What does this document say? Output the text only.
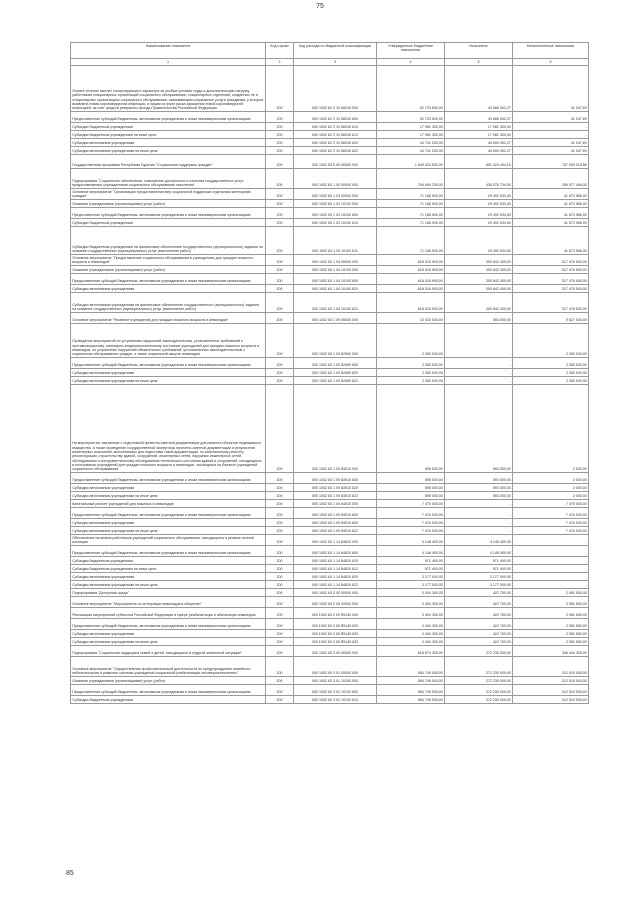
75
Наименование показателя	Код строки	Код расхода по бюджетной классификации	Утвержденные бюджетные назначения	Исполнено	Неисполненные назначения
1	2	3	4	5	6
Оплата течение выплат стимулирующего характера за особые условия труда и дополнительную нагрузку работникам стационарных организаций социального обслуживания, стационарных отделений, созданных не в стационарных организациях социального обслуживания, оказывающим социальные услуги гражданам, у которых выявлена новая коронавирусная инфекция, и лицам из групп риска заражения новой коронавирусной инфекцией, за счет средств резервного фонда Правительства Российской Федерации	200	000 1002 62 2 10 58240 000	92 723 500,00	43 666 062,27	41 047,69
Предоставление субсидий бюджетным, автономным учреждениям и иным некоммерческим организациям	200	000 1002 62 2 10 58240 600	92 723 500,00	43 666 062,27	41 047,69
Субсидии бюджетным учреждениям	200	000 1002 62 2 10 58240 610	17 981 300,00	17 981 300,00	-
Субсидии бюджетным учреждениям на иные цели	200	000 1002 62 2 10 58240 612	17 981 300,00	17 981 300,00	-
Субсидии автономным учреждениям	200	000 1002 62 2 10 58240 620	44 741 200,00	44 699 352,27	41 047,69
Субсидии автономным учреждениям на иные цели	200	000 1002 62 2 10 58240 622	44 741 200,00	44 699 352,27	41 047,69
Государственная программа Республики Бурятия "Социальная поддержка граждан"	200	000 1002 63 0 00 00000 000	1 649 324 500,00	891 324 494,15	757 993 015,85
Подпрограмма "Социальное обеспечение, повышение доступности и качества государственных услуг, предоставляемых учреждениями социального обслуживания населения"	200	000 1002 63 1 00 00000 000	794 694 200,00	435 076 734,00	359 977 466,00
Основное мероприятие "Организация предоставления мер социальной поддержки отдельным категориям граждан"	200	000 1002 63 1 03 00000 000	71 166 900,00	29 492 934,00	41 673 966,00
Оказание учреждениями (организациями) услуг (работ)	200	000 1002 63 1 03 10100 000	71 166 900,00	29 492 934,00	41 673 966,00
Предоставление субсидий бюджетным, автономным учреждениям и иным некоммерческим организациям	200	000 1002 63 1 03 10100 600	71 166 900,00	29 492 934,00	41 673 966,00
Субсидии бюджетным учреждениям	200	000 1002 63 1 03 10100 610	71 166 900,00	29 492 934,00	41 673 966,00
Субсидии бюджетным учреждениям на финансовое обеспечение государственного (муниципального) задания на оказание государственных (муниципальных) услуг (выполнение работ)	200	000 1002 63 1 03 10100 611	71 166 900,00	29 492 934,00	41 673 966,00
Основное мероприятие "Предоставление социального обслуживания в учреждениях для граждан пожилого возраста и инвалидов"	200	000 1002 63 1 04 00000 000	618 316 900,00	300 842 400,00	317 476 500,00
Оказание учреждениями (организациями) услуг (работ)	200	000 1002 63 1 04 10100 000	618 316 900,00	300 842 400,00	317 476 500,00
Предоставление субсидий бюджетным, автономным учреждениям и иным некоммерческим организациям	200	000 1002 63 1 04 10100 600	618 316 900,00	300 842 400,00	317 476 500,00
Субсидии автономным учреждениям	200	000 1002 63 1 04 10100 620	618 316 900,00	300 842 400,00	317 476 500,00
Субсидии автономным учреждениям на финансовое обеспечение государственного (муниципального) задания на оказание государственных (муниципальных) услуг (выполнение работ)	200	000 1002 63 1 04 10100 621	618 316 900,00	300 842 400,00	317 476 500,00
Основное мероприятие "Развитие учреждений для граждан пожилого возраста и инвалидов"	200	000 1002 63 1 09 00000 000	10 420 000,00	593 000,00	9 827 000,00
Проведение мероприятий по устранению нарушений законодательства, установленных требований к противопожарному, санитарно-эпидемиологическому состоянию учреждений для граждан пожилого возраста и инвалидов, по устранению нарушений обязательных требований, установленных законодательством о социальном обслуживании граждан, а также социальной защите инвалидов	200	000 1002 63 1 09 82690 000	2 350 000,00	-	2 350 000,00
Предоставление субсидий бюджетным, автономным учреждениям и иным некоммерческим организациям	200	000 1002 63 1 09 82690 600	2 350 000,00	-	2 350 000,00
Субсидии автономным учреждениям	200	000 1002 63 1 09 82690 620	2 350 000,00	-	2 350 000,00
Субсидии автономным учреждениям на иные цели	200	000 1002 63 1 09 82690 622	2 350 000,00	-	2 350 000,00
На мероприятия, связанные с подготовкой проектно-сметной документации для ремонта объектов недвижимого имущества, а также проведение государственной экспертизы проектно-сметной документации и результатов инженерных изысканий, выполняемых для подготовки такой документации, по капитальному ремонту, реконструкции, строительству зданий, сооружений, инженерных сетей, наружных инженерных сетей, обследованию и инструментальному обследованию технического состояния зданий и сооружений, находящихся в пользовании учреждений для граждан пожилого возраста и инвалидов, числящихся на балансе учреждений социального обслуживания	200	000 1002 63 1 09 83010 000	595 000,00	593 000,00	2 000,00
Предоставление субсидий бюджетным, автономным учреждениям и иным некоммерческим организациям	200	000 1002 63 1 09 83010 600	595 000,00	593 000,00	2 000,00
Субсидии автономным учреждениям	200	000 1002 63 1 09 83010 620	595 000,00	593 000,00	2 000,00
Субсидии автономным учреждениям на иные цели	200	000 1002 63 1 09 83010 622	595 000,00	593 000,00	2 000,00
Капитальный ремонт учреждений для пожилых и инвалидов	200	000 1002 63 1 09 84010 000	7 475 000,00	-	7 475 000,00
Предоставление субсидий бюджетным, автономным учреждениям и иным некоммерческим организациям	200	000 1002 63 1 09 84010 600	7 475 000,00	-	7 475 000,00
Субсидии автономным учреждениям	200	000 1002 63 1 09 84010 620	7 475 000,00	-	7 475 000,00
Субсидии автономным учреждениям на иные цели	200	000 1002 63 1 09 84010 622	7 475 000,00	-	7 475 000,00
Обеспечение питанием работников учреждений социального обслуживания, находящихся в режиме полной изоляции	200	000 1002 63 1 14 84620 000	4 148 400,00	4 148 400,00	-
Предоставление субсидий бюджетным, автономным учреждениям и иным некоммерческим организациям	200	000 1002 63 1 14 84620 600	4 148 400,00	4 148 400,00	-
Субсидии бюджетным учреждениям	200	000 1002 63 1 14 84620 610	971 400,00	971 400,00	-
Субсидии бюджетным учреждениям на иные цели	200	000 1002 63 1 14 84620 612	971 400,00	971 400,00	-
Субсидии автономным учреждениям	200	000 1002 63 1 14 84620 620	3 177 000,00	3 177 000,00	-
Субсидии автономным учреждениям на иные цели	200	000 1002 63 1 14 84620 622	3 177 000,00	3 177 000,00	-
Подпрограмма "Доступная среда"	200	000 1002 63 2 00 00000 000	3 404 300,00	422 750,00	2 981 550,00
Основное мероприятие "Мероприятия по интеграции инвалидов в общество"	200	000 1002 63 2 05 00000 000	3 404 300,00	422 750,00	2 981 550,00
Реализация мероприятий субъектов Российской Федерации в сфере реабилитации и абилитации инвалидов	200	000 1002 63 2 05 R5140 000	3 404 300,00	422 750,00	2 981 550,00
Предоставление субсидий бюджетным, автономным учреждениям и иным некоммерческим организациям	200	000 1002 63 2 05 R5140 600	3 404 300,00	422 750,00	2 981 550,00
Субсидии автономным учреждениям	200	000 1002 63 2 05 R5140 620	3 404 300,00	422 750,00	2 981 550,00
Субсидии автономным учреждениям на иные цели	200	000 1002 63 2 05 R5140 622	3 404 300,00	422 750,00	2 981 550,00
Подпрограмма "Социальная поддержка семей и детей, находящихся в трудной жизненной ситуации"	200	000 1002 63 3 00 00000 000	618 674 300,00	272 230 000,00	346 444 300,00
Основное мероприятие "Осуществление профилактической деятельности по предупреждению семейного неблагополучия и развитие системы учреждений социальной реабилитации несовершеннолетних"	200	000 1002 63 3 01 00000 000	584 749 000,00	272 230 000,00	312 519 000,00
Оказание учреждениями (организациями) услуг (работ)	200	000 1002 63 3 01 10100 000	584 749 000,00	272 230 000,00	312 519 000,00
Предоставление субсидий бюджетным, автономным учреждениям и иным некоммерческим организациям	200	000 1002 63 3 01 10100 600	584 749 000,00	272 230 000,00	312 519 000,00
Субсидии бюджетным учреждениям	200	000 1002 63 3 01 10100 610	584 749 000,00	272 230 000,00	312 519 000,00
85
